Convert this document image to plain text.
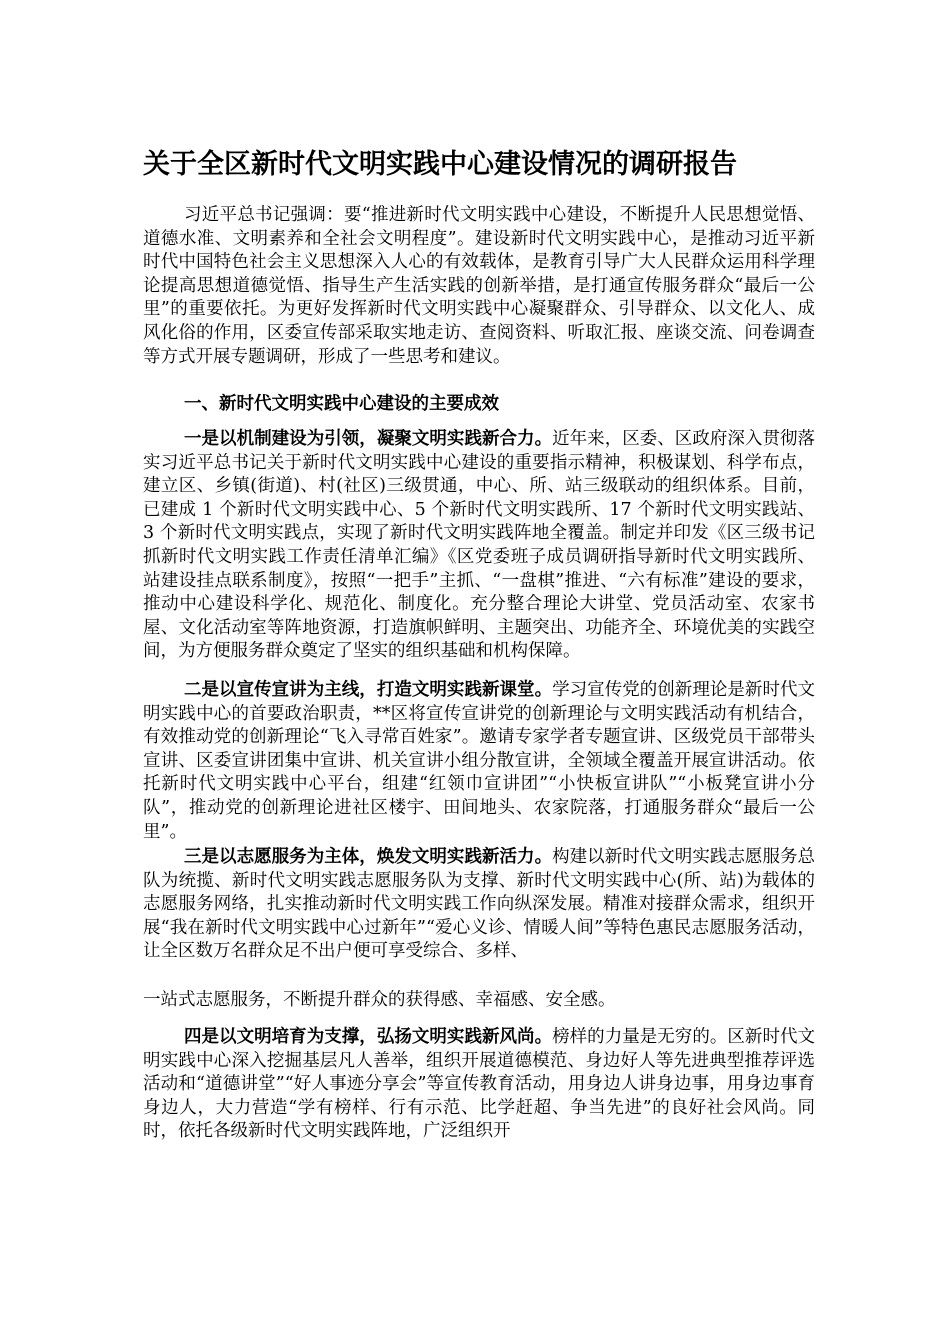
关于全区新时代文明实践中心建设情况的调研报告

习近平总书记强调：要“推进新时代文明实践中心建设，不断提升人民思想觉悟、道德水准、文明素养和全社会文明程度”。建设新时代文明实践中心，是推动习近平新时代中国特色社会主义思想深入人心的有效载体，是教育引导广大人民群众运用科学理论提高思想道德觉悟、指导生产生活实践的创新举措，是打通宣传服务群众“最后一公里”的重要依托。为更好发挥新时代文明实践中心凝聚群众、引导群众、以文化人、成风化俗的作用，区委宣传部采取实地走访、查阅资料、听取汇报、座谈交流、问卷调查等方式开展专题调研，形成了一些思考和建议。

一、新时代文明实践中心建设的主要成效

一是以机制建设为引领，凝聚文明实践新合力。近年来，区委、区政府深入贯彻落实习近平总书记关于新时代文明实践中心建设的重要指示精神，积极谋划、科学布点，建立区、乡镇(街道)、村(社区)三级贯通，中心、所、站三级联动的组织体系。目前，已建成 1 个新时代文明实践中心、5 个新时代文明实践所、17 个新时代文明实践站、3 个新时代文明实践点，实现了新时代文明实践阵地全覆盖。制定并印发《区三级书记抓新时代文明实践工作责任清单汇编》《区党委班子成员调研指导新时代文明实践所、站建设挂点联系制度》，按照“一把手”主抓、“一盘棋”推进、“六有标准”建设的要求，推动中心建设科学化、规范化、制度化。充分整合理论大讲堂、党员活动室、农家书屋、文化活动室等阵地资源，打造旗帜鲜明、主题突出、功能齐全、环境优美的实践空间，为方便服务群众奠定了坚实的组织基础和机构保障。

二是以宣传宣讲为主线，打造文明实践新课堂。学习宣传党的创新理论是新时代文明实践中心的首要政治职责，**区将宣传宣讲党的创新理论与文明实践活动有机结合，有效推动党的创新理论“飞入寻常百姓家”。邀请专家学者专题宣讲、区级党员干部带头宣讲、区委宣讲团集中宣讲、机关宣讲小组分散宣讲，全领域全覆盖开展宣讲活动。依托新时代文明实践中心平台，组建“红领巾宣讲团”“小快板宣讲队”“小板凳宣讲小分队”，推动党的创新理论进社区楼宇、田间地头、农家院落，打通服务群众“最后一公里”。

三是以志愿服务为主体，焕发文明实践新活力。构建以新时代文明实践志愿服务总队为统揽、新时代文明实践志愿服务队为支撑、新时代文明实践中心(所、站)为载体的志愿服务网络，扎实推动新时代文明实践工作向纵深发展。精准对接群众需求，组织开展“我在新时代文明实践中心过新年”“爱心义诊、情暖人间”等特色惠民志愿服务活动，让全区数万名群众足不出户便可享受综合、多样、

一站式志愿服务，不断提升群众的获得感、幸福感、安全感。

四是以文明培育为支撑，弘扬文明实践新风尚。榜样的力量是无穷的。区新时代文明实践中心深入挖掘基层凡人善举，组织开展道德模范、身边好人等先进典型推荐评选活动和“道德讲堂”“好人事迹分享会”等宣传教育活动，用身边人讲身边事，用身边事育身边人，大力营造“学有榜样、行有示范、比学赶超、争当先进”的良好社会风尚。同时，依托各级新时代文明实践阵地，广泛组织开
